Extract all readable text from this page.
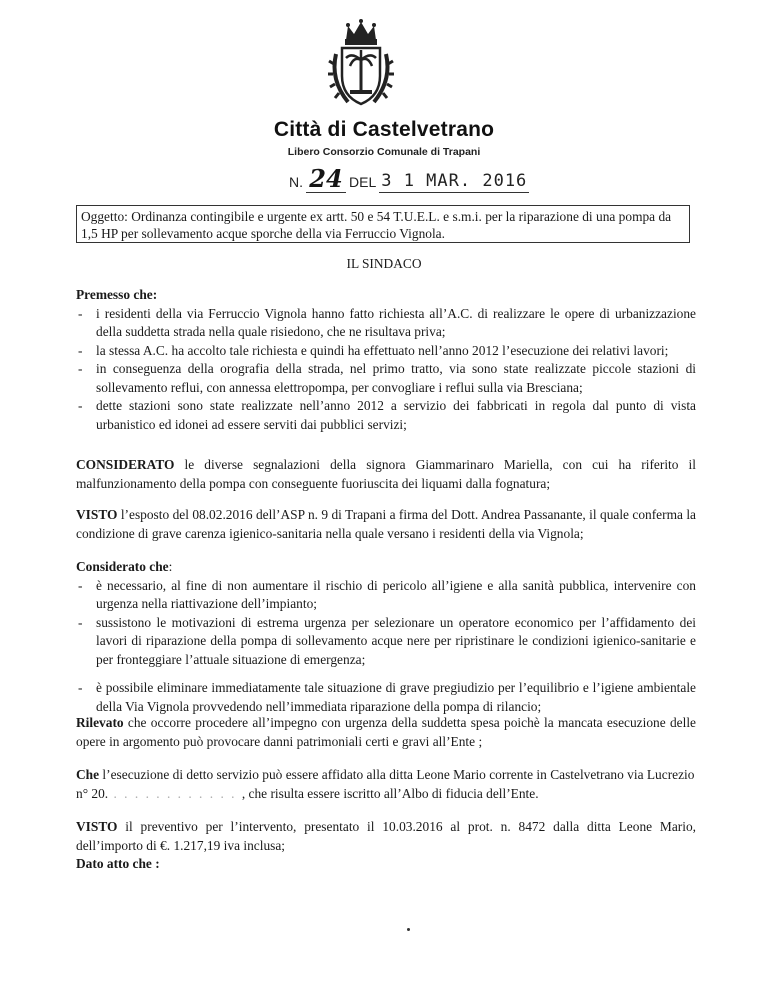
Città di Castelvetrano
Libero Consorzio Comunale di Trapani
N. 24 DEL 3 1 MAR. 2016
Oggetto: Ordinanza contingibile e urgente ex artt. 50 e 54 T.U.E.L. e s.m.i. per la riparazione di una pompa da 1,5 HP per sollevamento acque sporche della via Ferruccio Vignola.
IL SINDACO
Premesso che:
- i residenti della via Ferruccio Vignola hanno fatto richiesta all’A.C. di realizzare le opere di urbanizzazione della suddetta strada nella quale risiedono, che ne risultava priva;
- la stessa A.C. ha accolto tale richiesta e quindi ha effettuato nell’anno 2012 l’esecuzione dei relativi lavori;
- in conseguenza della orografia della strada, nel primo tratto, via sono state realizzate piccole stazioni di sollevamento reflui, con annessa elettropompa, per convogliare i reflui sulla via Bresciana;
- dette stazioni sono state realizzate nell’anno 2012 a servizio dei fabbricati in regola dal punto di vista urbanistico ed idonei ad essere serviti dai pubblici servizi;
CONSIDERATO le diverse segnalazioni della signora Giammarinaro Mariella, con cui ha riferito il malfunzionamento della pompa con conseguente fuoriuscita dei liquami dalla fognatura;
VISTO l’esposto del 08.02.2016 dell’ASP n. 9 di Trapani a firma del Dott. Andrea Passanante, il quale conferma la condizione di grave carenza igienico-sanitaria nella quale versano i residenti della via Vignola;
Considerato che:
- è necessario, al fine di non aumentare il rischio di pericolo all’igiene e alla sanità pubblica, intervenire con urgenza nella riattivazione dell’impianto;
- sussistono le motivazioni di estrema urgenza per selezionare un operatore economico per l’affidamento dei lavori di riparazione della pompa di sollevamento acque nere per ripristinare le condizioni igienico-sanitarie e per fronteggiare l’attuale situazione di emergenza;
- è possibile eliminare immediatamente tale situazione di grave pregiudizio per l’equilibrio e l’igiene ambientale della Via Vignola provvedendo nell’immediata riparazione della pompa di rilancio;
Rilevato che occorre procedere all’impegno con urgenza della suddetta spesa poichè la mancata esecuzione delle opere in argomento può provocare danni patrimoniali certi e gravi all’Ente ;
Che l’esecuzione di detto servizio può essere affidato alla ditta Leone Mario corrente in Castelvetrano via Lucrezio n° 20. . . . . . . . . . . . . , che risulta essere iscritto all’Albo di fiducia dell’Ente.
VISTO il preventivo per l’intervento, presentato il 10.03.2016 al prot. n. 8472 dalla ditta Leone Mario, dell’importo di €. 1.217,19 iva inclusa;
Dato atto che :
